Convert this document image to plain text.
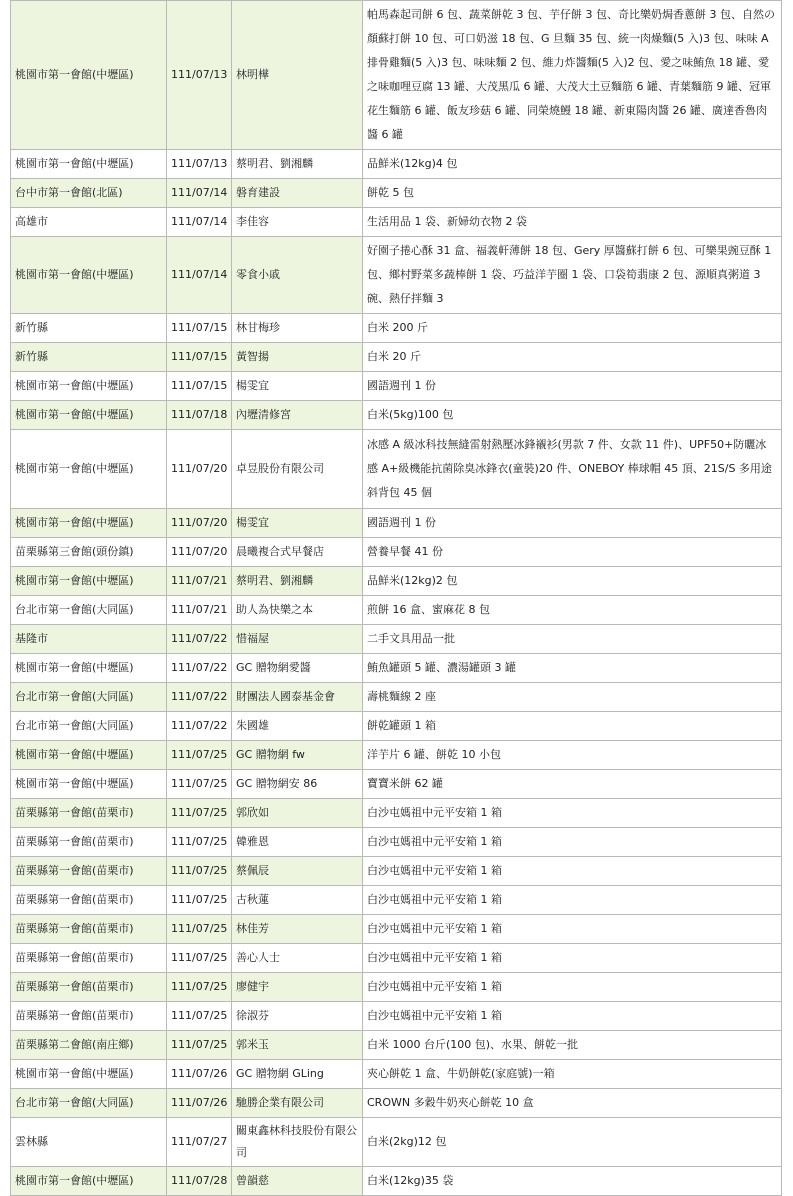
桃園市第一會館(中壢區)	111/07/13	林明樺	帕馬森起司餅 6 包、蔬菜餅乾 3 包、芋仔餅 3 包、奇比樂奶焗香蔥餅 3 包、自然の顏蘇打餅 10 包、可口奶滋 18 包、G 旦麵 35 包、統一肉燥麵(5 入)3 包、味味 A 排骨雞麵(5 入)3 包、味味麵 2 包、維力炸醬麵(5 入)2 包、愛之味鮪魚 18 罐、愛之味咖哩豆腐 13 罐、大茂黑瓜 6 罐、大茂大土豆麵筋 6 罐、青葉麵筋 9 罐、冠軍花生麵筋 6 罐、飯友珍菇 6 罐、同榮燒鰻 18 罐、新東陽肉醬 26 罐、廣達香魯肉醬 6 罐
桃園市第一會館(中壢區)	111/07/13	蔡明君、劉湘麟	品鮮米(12kg)4 包
台中市第一會館(北區)	111/07/14	磐育建設	餅乾 5 包
高雄市	111/07/14	李佳容	生活用品 1 袋、新婦幼衣物 2 袋
桃園市第一會館(中壢區)	111/07/14	零食小戚	好園子捲心酥 31 盒、福義軒薄餅 18 包、Gery 厚醬蘇打餅 6 包、可樂果豌豆酥 1 包、鄉村野菜多蔬棒餅 1 袋、巧益洋芋圈 1 袋、口袋筍翡康 2 包、源順真粥道 3 碗、熱仔拌麵 3
新竹縣	111/07/15	林甘梅珍	白米 200 斤
新竹縣	111/07/15	黃智揚	白米 20 斤
桃園市第一會館(中壢區)	111/07/15	楊雯宜	國語週刊 1 份
桃園市第一會館(中壢區)	111/07/18	內壢清修宮	白米(5kg)100 包
桃園市第一會館(中壢區)	111/07/20	卓昱股份有限公司	冰感 A 級冰科技無縫雷射熱壓冰鋒襯衫(男款 7 件、女款 11 件)、UPF50+防曬冰感 A+級機能抗菌除臭冰鋒衣(童裝)20 件、ONEBOY 棒球帽 45 頂、21S/S 多用途斜背包 45 個
桃園市第一會館(中壢區)	111/07/20	楊雯宜	國語週刊 1 份
苗栗縣第三會館(頭份鎮)	111/07/20	晨曦複合式早餐店	營養早餐 41 份
桃園市第一會館(中壢區)	111/07/21	蔡明君、劉湘麟	品鮮米(12kg)2 包
台北市第一會館(大同區)	111/07/21	助人為快樂之本	煎餅 16 盒、蜜麻花 8 包
基隆市	111/07/22	惜福屋	二手文具用品一批
桃園市第一會館(中壢區)	111/07/22	GC 贈物網愛醬	鮪魚罐頭 5 罐、濃湯罐頭 3 罐
台北市第一會館(大同區)	111/07/22	財團法人國泰基金會	壽桃麵線 2 座
台北市第一會館(大同區)	111/07/22	朱國雄	餅乾罐頭 1 箱
桃園市第一會館(中壢區)	111/07/25	GC 贈物網 fw	洋芋片 6 罐、餅乾 10 小包
桃園市第一會館(中壢區)	111/07/25	GC 贈物網安 86	寶寶米餅 62 罐
苗栗縣第一會館(苗栗市)	111/07/25	郭欣如	白沙屯媽祖中元平安箱 1 箱
苗栗縣第一會館(苗栗市)	111/07/25	韓雅恩	白沙屯媽祖中元平安箱 1 箱
苗栗縣第一會館(苗栗市)	111/07/25	蔡佩辰	白沙屯媽祖中元平安箱 1 箱
苗栗縣第一會館(苗栗市)	111/07/25	古秋蓮	白沙屯媽祖中元平安箱 1 箱
苗栗縣第一會館(苗栗市)	111/07/25	林佳芳	白沙屯媽祖中元平安箱 1 箱
苗栗縣第一會館(苗栗市)	111/07/25	善心人士	白沙屯媽祖中元平安箱 1 箱
苗栗縣第一會館(苗栗市)	111/07/25	廖健宇	白沙屯媽祖中元平安箱 1 箱
苗栗縣第一會館(苗栗市)	111/07/25	徐淑芬	白沙屯媽祖中元平安箱 1 箱
苗栗縣第二會館(南庄鄉)	111/07/25	郭米玉	白米 1000 台斤(100 包)、水果、餅乾一批
桃園市第一會館(中壢區)	111/07/26	GC 贈物網 GLing	夾心餅乾 1 盒、牛奶餅乾(家庭號)一箱
台北市第一會館(大同區)	111/07/26	馳勝企業有限公司	CROWN 多穀牛奶夾心餅乾 10 盒
雲林縣	111/07/27	關東鑫林科技股份有限公司	白米(2kg)12 包
桃園市第一會館(中壢區)	111/07/28	曾韻慈	白米(12kg)35 袋
